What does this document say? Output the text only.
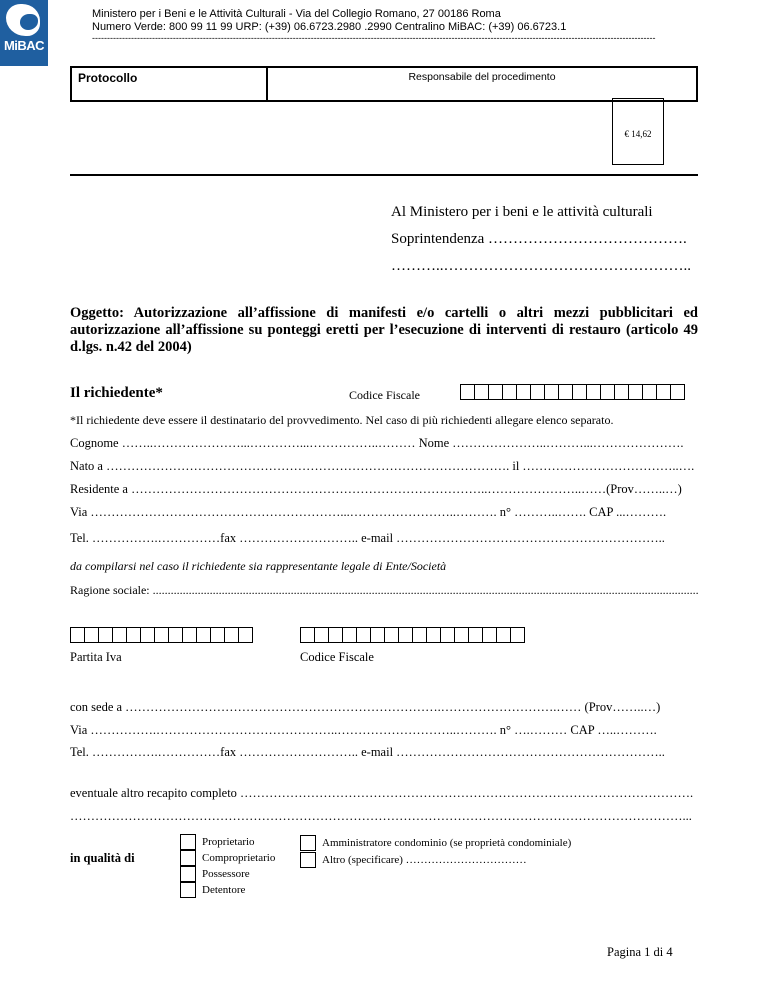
MiBAC
Ministero per i Beni e le Attività Culturali - Via del Collegio Romano, 27 00186 Roma
Numero Verde: 800 99 11 99 URP: (+39) 06.6723.2980 .2990 Centralino MiBAC: (+39) 06.6723.1
--------------------------------------------------------------------------------------------------------------------------------------------------------------------------------------------
Protocollo	Responsabile del procedimento
€ 14,62
Al Ministero per i beni e le attività culturali
Soprintendenza ………………………………….
………..…………………………………………..
Oggetto: Autorizzazione all’affissione di manifesti e/o cartelli o altri mezzi pubblicitari ed autorizzazione all’affissione su ponteggi eretti per l’esecuzione di interventi di restauro (articolo 49 d.lgs. n.42 del 2004)
Il richiedente*	Codice Fiscale
*Il richiedente deve essere il destinatario del provvedimento. Nel caso di più richiedenti allegare elenco separato.
Cognome ……..…………………...…………...……………..……… Nome …………………..………...………………….
Nato a ……………………………………………………………………………………. il ………………………………..….
Residente a …………………………………………………………………………..…………………..……(Prov……..…)
Via ……………………………………………………...……………………..………. n° ………..……. CAP ...……….
Tel. …………….……………fax ……………………….. e-mail ………………………………………………………..
da compilarsi nel caso il richiedente sia rappresentante legale di Ente/Società
Ragione sociale: ......................................................................................................................................................................................
Partita Iva	Codice Fiscale
con sede a ………………………………………………………………….……………………….…… (Prov……..…)
Via …………….……………………………………..………………………..………. n° ….……… CAP …..……….
Tel. …………….……………fax ……………………….. e-mail ………………………………………………………..
eventuale altro recapito completo ……………………………………………………………………………………………….
…………………………………………………………………………………………………………………………………...
in qualità di
Proprietario
Comproprietario
Possessore
Detentore
Amministratore condominio (se proprietà condominiale)
Altro (specificare) ……………………………
Pagina 1 di 4
